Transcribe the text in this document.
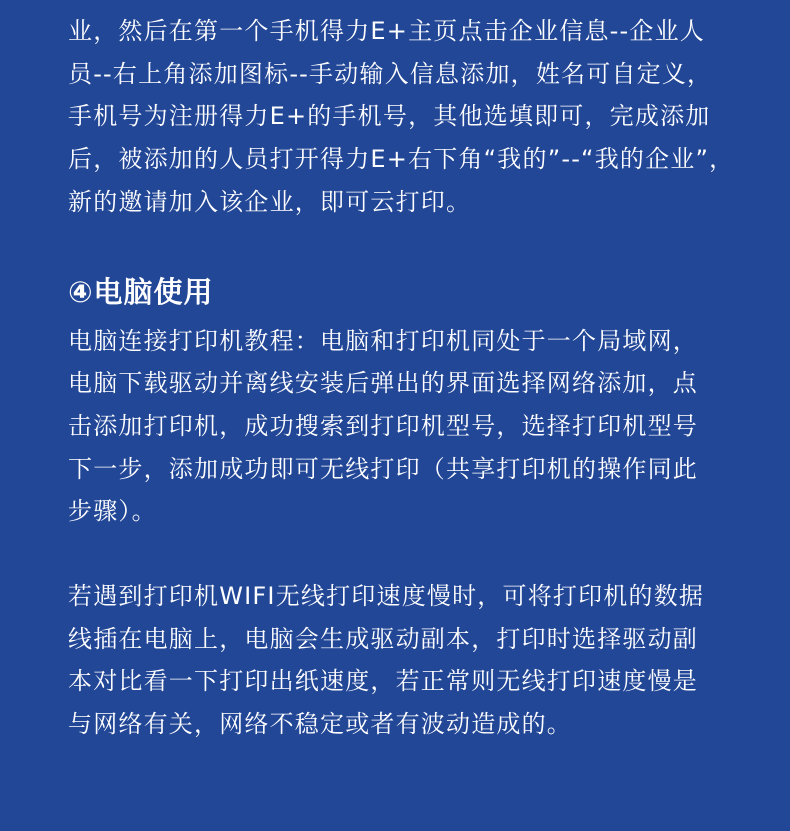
业，然后在第一个手机得力E+主页点击企业信息--企业人
员--右上角添加图标--手动输入信息添加，姓名可自定义，
手机号为注册得力E+的手机号，其他选填即可，完成添加
后，被添加的人员打开得力E+右下角“我的”--“我的企业”，
新的邀请加入该企业，即可云打印。

④电脑使用

电脑连接打印机教程：电脑和打印机同处于一个局域网，
电脑下载驱动并离线安装后弹出的界面选择网络添加，点
击添加打印机，成功搜索到打印机型号，选择打印机型号
下一步，添加成功即可无线打印（共享打印机的操作同此
步骤）。

若遇到打印机WIFI无线打印速度慢时，可将打印机的数据
线插在电脑上，电脑会生成驱动副本，打印时选择驱动副
本对比看一下打印出纸速度，若正常则无线打印速度慢是
与网络有关，网络不稳定或者有波动造成的。
